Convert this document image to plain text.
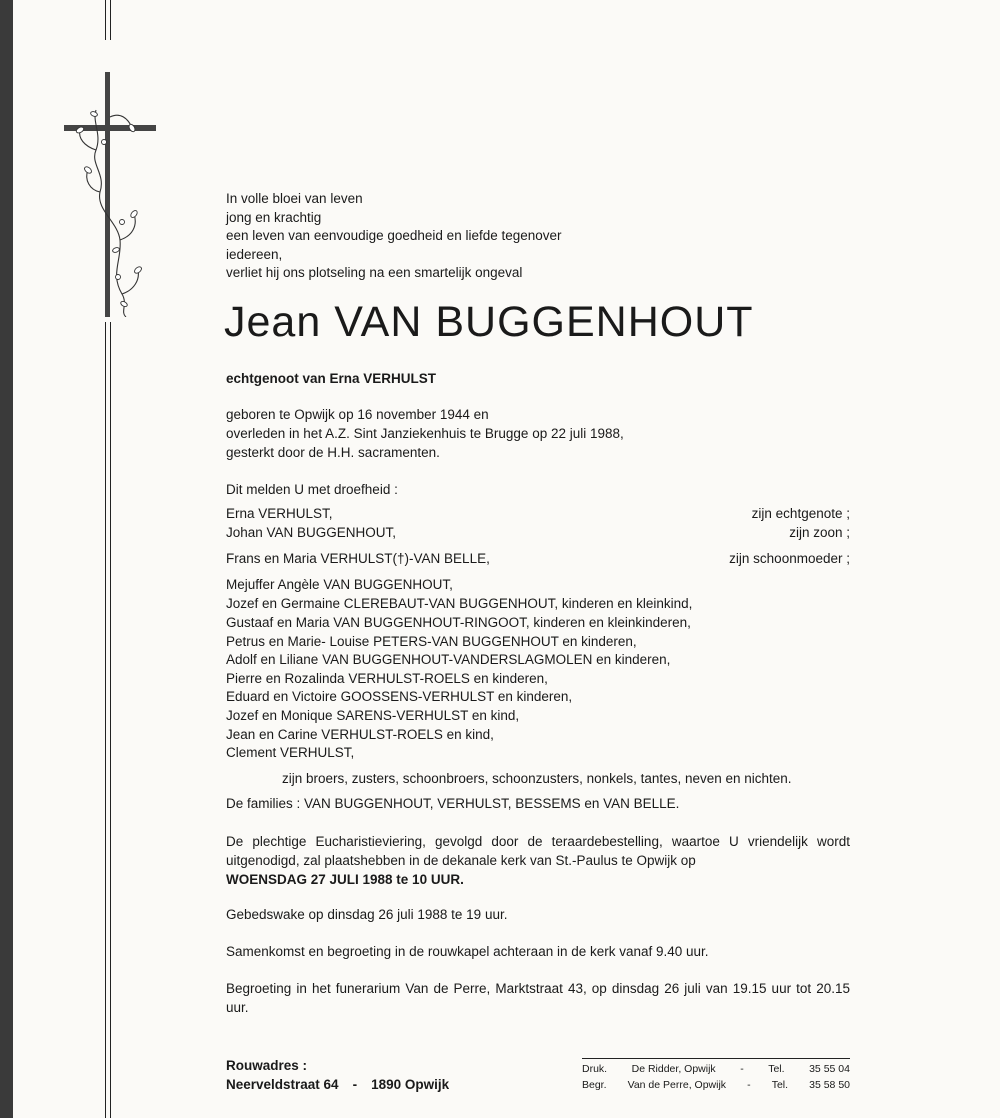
In volle bloei van leven
jong en krachtig
een leven van eenvoudige goedheid en liefde tegenover
iedereen,
verliet hij ons plotseling na een smartelijk ongeval
Jean VAN BUGGENHOUT
echtgenoot van Erna VERHULST
geboren te Opwijk op 16 november 1944 en
overleden in het A.Z. Sint Janziekenhuis te Brugge op 22 juli 1988,
gesterkt door de H.H. sacramenten.
Dit melden U met droefheid :
Erna VERHULST,	zijn echtgenote ;
Johan VAN BUGGENHOUT,	zijn zoon ;
Frans en Maria VERHULST(†)-VAN BELLE,	zijn schoonmoeder ;
Mejuffer Angèle VAN BUGGENHOUT,
Jozef en Germaine CLEREBAUT-VAN BUGGENHOUT, kinderen en kleinkind,
Gustaaf en Maria VAN BUGGENHOUT-RINGOOT, kinderen en kleinkinderen,
Petrus en Marie- Louise PETERS-VAN BUGGENHOUT en kinderen,
Adolf en Liliane VAN BUGGENHOUT-VANDERSLAGMOLEN en kinderen,
Pierre en Rozalinda VERHULST-ROELS en kinderen,
Eduard en Victoire GOOSSENS-VERHULST en kinderen,
Jozef en Monique SARENS-VERHULST en kind,
Jean en Carine VERHULST-ROELS en kind,
Clement VERHULST,
zijn broers, zusters, schoonbroers, schoonzusters, nonkels, tantes, neven en nichten.
De families : VAN BUGGENHOUT, VERHULST, BESSEMS en VAN BELLE.
De plechtige Eucharistieviering, gevolgd door de teraardebestelling, waartoe U vriendelijk wordt uitgenodigd, zal plaatshebben in de dekanale kerk van St.-Paulus te Opwijk op
WOENSDAG 27 JULI 1988 te 10 UUR.
Gebedswake op dinsdag 26 juli 1988 te 19 uur.
Samenkomst en begroeting in de rouwkapel achteraan in de kerk vanaf 9.40 uur.
Begroeting in het funerarium Van de Perre, Marktstraat 43, op dinsdag 26 juli van 19.15 uur tot 20.15 uur.
Rouwadres :
Neerveldstraat 64 - 1890 Opwijk
Druk. De Ridder, Opwijk - Tel. 35 55 04
Begr. Van de Perre, Opwijk - Tel. 35 58 50
